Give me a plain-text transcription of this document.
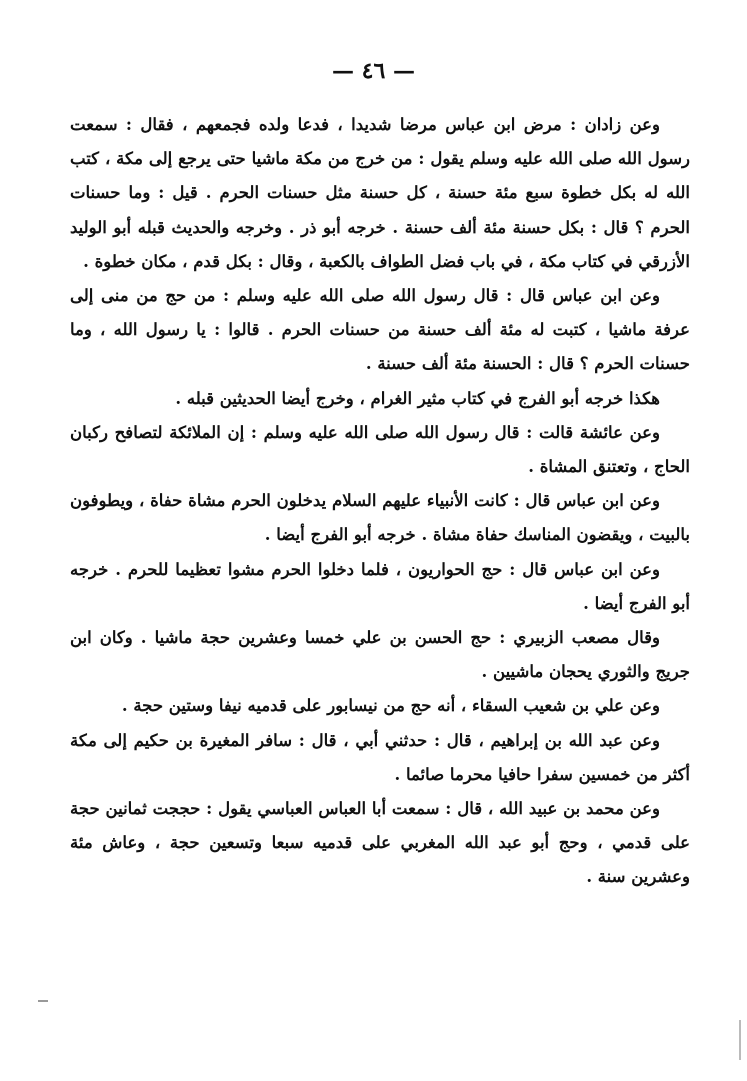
— ٤٦ —

وعن زادان : مرض ابن عباس مرضا شديدا ، فدعا ولده فجمعهم ، فقال : سمعت رسول الله صلى الله عليه وسلم يقول : من خرج من مكة ماشيا حتى يرجع إلى مكة ، كتب الله له بكل خطوة سبع مئة حسنة ، كل حسنة مثل حسنات الحرم . قيل : وما حسنات الحرم ؟ قال : بكل حسنة مئة ألف حسنة . خرجه أبو ذر . وخرجه والحديث قبله أبو الوليد الأزرقي في كتاب مكة ، في باب فضل الطواف بالكعبة ، وقال : بكل قدم ، مكان خطوة .

وعن ابن عباس قال : قال رسول الله صلى الله عليه وسلم : من حج من منى إلى عرفة ماشيا ، كتبت له مئة ألف حسنة من حسنات الحرم . قالوا : يا رسول الله ، وما حسنات الحرم ؟ قال : الحسنة مئة ألف حسنة .

هكذا خرجه أبو الفرج في كتاب مثير الغرام ، وخرج أيضا الحديثين قبله .

وعن عائشة قالت : قال رسول الله صلى الله عليه وسلم : إن الملائكة لتصافح ركبان الحاج ، وتعتنق المشاة .

وعن ابن عباس قال : كانت الأنبياء عليهم السلام يدخلون الحرم مشاة حفاة ، ويطوفون بالبيت ، ويقضون المناسك حفاة مشاة . خرجه أبو الفرج أيضا .

وعن ابن عباس قال : حج الحواريون ، فلما دخلوا الحرم مشوا تعظيما للحرم . خرجه أبو الفرج أيضا .

وقال مصعب الزبيري : حج الحسن بن علي خمسا وعشرين حجة ماشيا . وكان ابن جريج والثوري يحجان ماشيين .

وعن علي بن شعيب السقاء ، أنه حج من نيسابور على قدميه نيفا وستين حجة .

وعن عبد الله بن إبراهيم ، قال : حدثني أبي ، قال : سافر المغيرة بن حكيم إلى مكة أكثر من خمسين سفرا حافيا محرما صائما .

وعن محمد بن عبيد الله ، قال : سمعت أبا العباس العباسي يقول : حججت ثمانين حجة على قدمي ، وحج أبو عبد الله المغربي على قدميه سبعا وتسعين حجة ، وعاش مئة وعشرين سنة .
